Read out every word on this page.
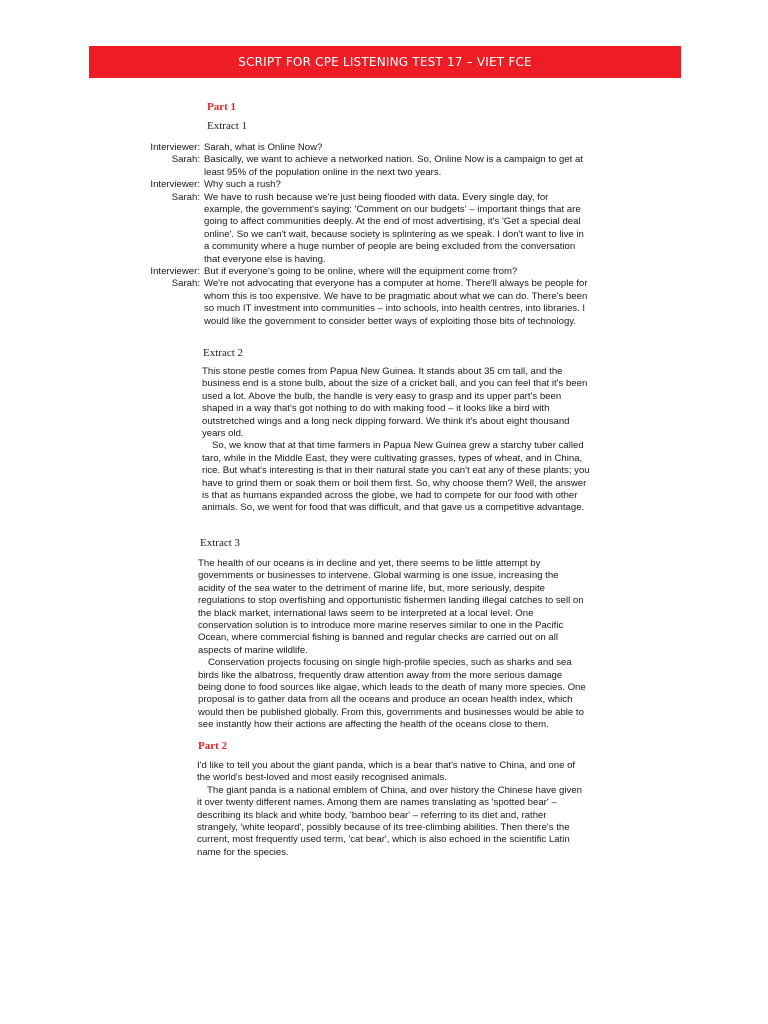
SCRIPT FOR CPE LISTENING TEST 17 – VIET FCE
Part 1
Extract 1
Interviewer: Sarah, what is Online Now?
Sarah: Basically, we want to achieve a networked nation. So, Online Now is a campaign to get at least 95% of the population online in the next two years.
Interviewer: Why such a rush?
Sarah: We have to rush because we're just being flooded with data. Every single day, for example, the government's saying: 'Comment on our budgets' – important things that are going to affect communities deeply. At the end of most advertising, it's 'Get a special deal online'. So we can't wait, because society is splintering as we speak. I don't want to live in a community where a huge number of people are being excluded from the conversation that everyone else is having.
Interviewer: But if everyone's going to be online, where will the equipment come from?
Sarah: We're not advocating that everyone has a computer at home. There'll always be people for whom this is too expensive. We have to be pragmatic about what we can do. There's been so much IT investment into communities – into schools, into health centres, into libraries. I would like the government to consider better ways of exploiting those bits of technology.
Extract 2

This stone pestle comes from Papua New Guinea. It stands about 35 cm tall, and the business end is a stone bulb, about the size of a cricket ball, and you can feel that it's been used a lot. Above the bulb, the handle is very easy to grasp and its upper part's been shaped in a way that's got nothing to do with making food – it looks like a bird with outstretched wings and a long neck dipping forward. We think it's about eight thousand years old.

So, we know that at that time farmers in Papua New Guinea grew a starchy tuber called taro, while in the Middle East, they were cultivating grasses, types of wheat, and in China, rice. But what's interesting is that in their natural state you can't eat any of these plants; you have to grind them or soak them or boil them first. So, why choose them? Well, the answer is that as humans expanded across the globe, we had to compete for our food with other animals. So, we went for food that was difficult, and that gave us a competitive advantage.

Extract 3

The health of our oceans is in decline and yet, there seems to be little attempt by governments or businesses to intervene. Global warming is one issue, increasing the acidity of the sea water to the detriment of marine life, but, more seriously, despite regulations to stop overfishing and opportunistic fishermen landing illegal catches to sell on the black market, international laws seem to be interpreted at a local level. One conservation solution is to introduce more marine reserves similar to one in the Pacific Ocean, where commercial fishing is banned and regular checks are carried out on all aspects of marine wildlife.

Conservation projects focusing on single high-profile species, such as sharks and sea birds like the albatross, frequently draw attention away from the more serious damage being done to food sources like algae, which leads to the death of many more species. One proposal is to gather data from all the oceans and produce an ocean health index, which would then be published globally. From this, governments and businesses would be able to see instantly how their actions are affecting the health of the oceans close to them.

Part 2

I'd like to tell you about the giant panda, which is a bear that's native to China, and one of the world's best-loved and most easily recognised animals.

The giant panda is a national emblem of China, and over history the Chinese have given it over twenty different names. Among them are names translating as 'spotted bear' – describing its black and white body, 'bamboo bear' – referring to its diet and, rather strangely, 'white leopard', possibly because of its tree-climbing abilities. Then there's the current, most frequently used term, 'cat bear', which is also echoed in the scientific Latin name for the species.
